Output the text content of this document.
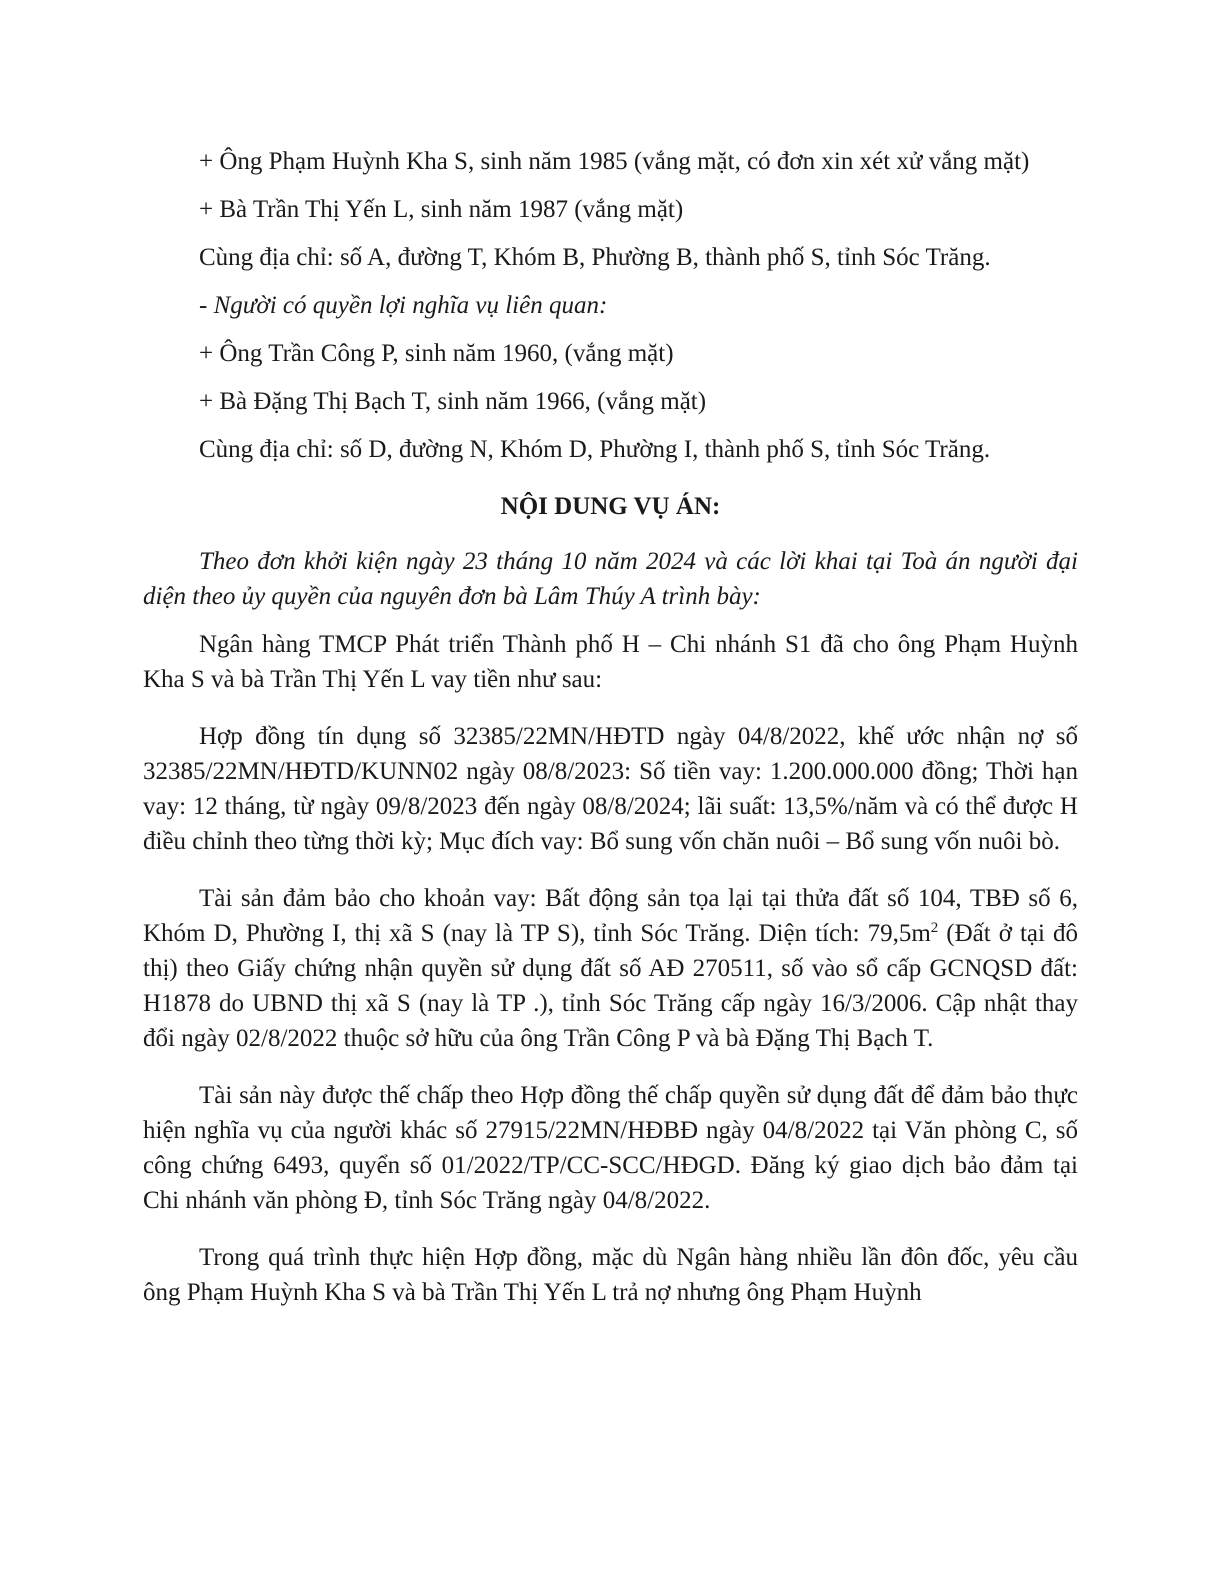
+ Ông Phạm Huỳnh Kha S, sinh năm 1985 (vắng mặt, có đơn xin xét xử vắng mặt)

+ Bà Trần Thị Yến L, sinh năm 1987 (vắng mặt)

Cùng địa chỉ: số A, đường T, Khóm B, Phường B, thành phố S, tỉnh Sóc Trăng.

- Người có quyền lợi nghĩa vụ liên quan:

+ Ông Trần Công P, sinh năm 1960, (vắng mặt)

+ Bà Đặng Thị Bạch T, sinh năm 1966, (vắng mặt)

Cùng địa chỉ: số D, đường N, Khóm D, Phường I, thành phố S, tỉnh Sóc Trăng.

NỘI DUNG VỤ ÁN:

Theo đơn khởi kiện ngày 23 tháng 10 năm 2024 và các lời khai tại Toà án người đại diện theo ủy quyền của nguyên đơn bà Lâm Thúy A trình bày:

Ngân hàng TMCP Phát triển Thành phố H – Chi nhánh S1 đã cho ông Phạm Huỳnh Kha S và bà Trần Thị Yến L vay tiền như sau:

Hợp đồng tín dụng số 32385/22MN/HĐTD ngày 04/8/2022, khế ước nhận nợ số 32385/22MN/HĐTD/KUNN02 ngày 08/8/2023: Số tiền vay: 1.200.000.000 đồng; Thời hạn vay: 12 tháng, từ ngày 09/8/2023 đến ngày 08/8/2024; lãi suất: 13,5%/năm và có thể được H điều chỉnh theo từng thời kỳ; Mục đích vay: Bổ sung vốn chăn nuôi – Bổ sung vốn nuôi bò.

Tài sản đảm bảo cho khoản vay: Bất động sản tọa lại tại thửa đất số 104, TBĐ số 6, Khóm D, Phường I, thị xã S (nay là TP S), tỉnh Sóc Trăng. Diện tích: $79,5m^2$ (Đất ở tại đô thị) theo Giấy chứng nhận quyền sử dụng đất số AĐ 270511, số vào sổ cấp GCNQSD đất: H1878 do UBND thị xã S (nay là TP .), tỉnh Sóc Trăng cấp ngày 16/3/2006. Cập nhật thay đổi ngày 02/8/2022 thuộc sở hữu của ông Trần Công P và bà Đặng Thị Bạch T.

Tài sản này được thế chấp theo Hợp đồng thế chấp quyền sử dụng đất để đảm bảo thực hiện nghĩa vụ của người khác số 27915/22MN/HĐBĐ ngày 04/8/2022 tại Văn phòng C, số công chứng 6493, quyển số 01/2022/TP/CC-SCC/HĐGD. Đăng ký giao dịch bảo đảm tại Chi nhánh văn phòng Đ, tỉnh Sóc Trăng ngày 04/8/2022.

Trong quá trình thực hiện Hợp đồng, mặc dù Ngân hàng nhiều lần đôn đốc, yêu cầu ông Phạm Huỳnh Kha S và bà Trần Thị Yến L trả nợ nhưng ông Phạm Huỳnh
